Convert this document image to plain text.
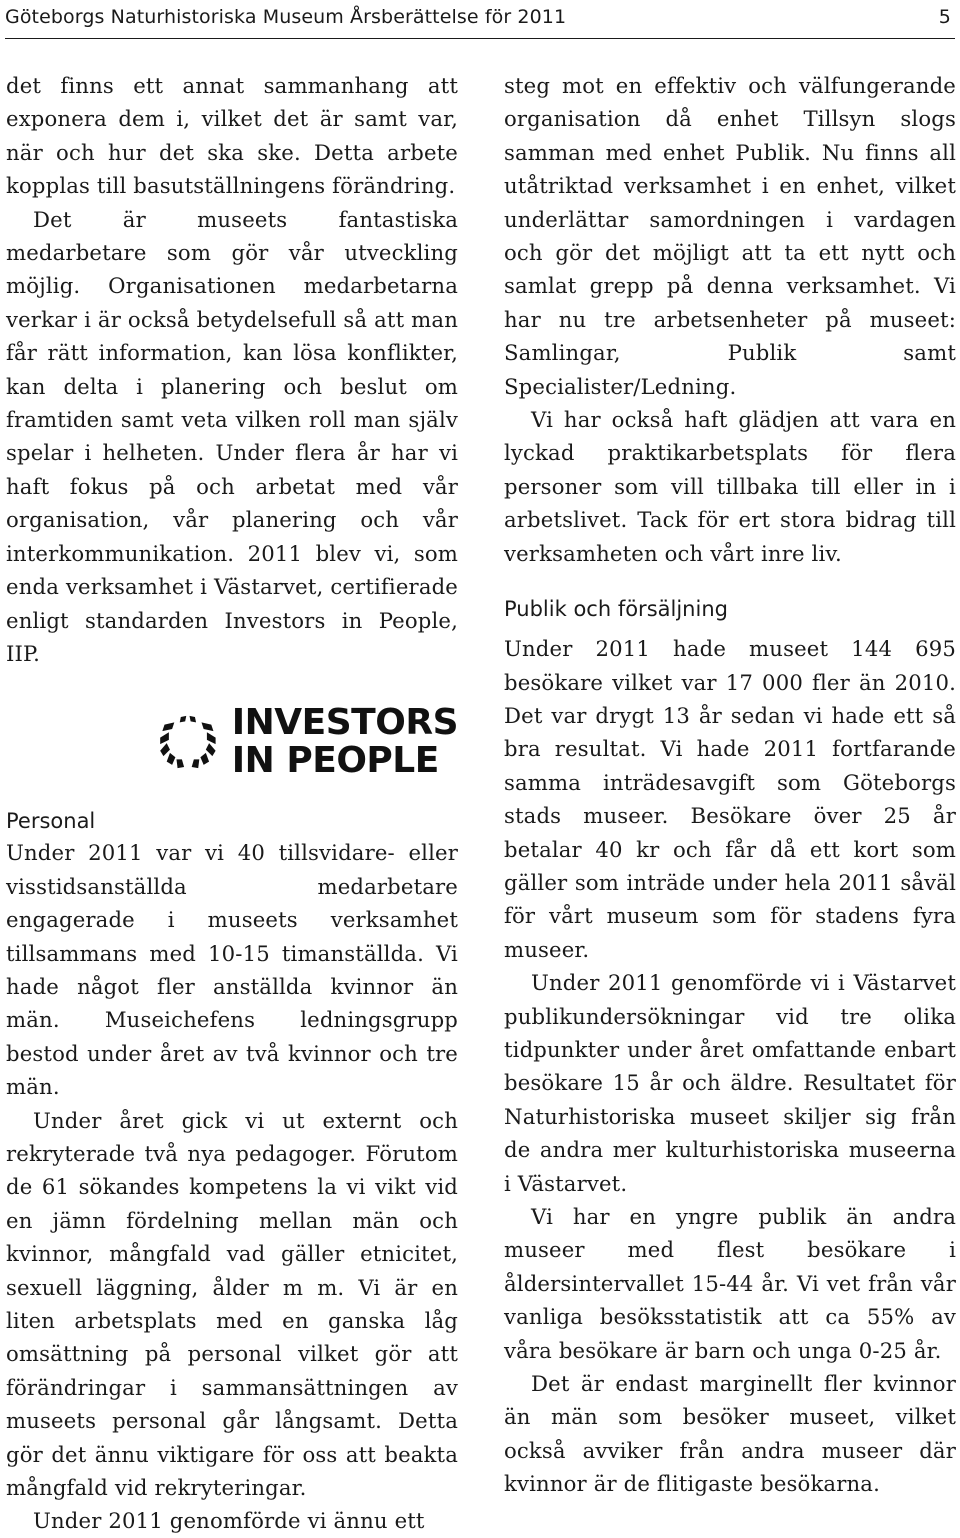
Göteborgs Naturhistoriska Museum Årsberättelse för 2011	5

det finns ett annat sammanhang att exponera dem i, vilket det är samt var, när och hur det ska ske. Detta arbete kopplas till basutställningens förändring.

Det är museets fantastiska medarbetare som gör vår utveckling möjlig. Organisationen medarbetarna verkar i är också betydelsefull så att man får rätt information, kan lösa konflikter, kan delta i planering och beslut om framtiden samt veta vilken roll man själv spelar i helheten. Under flera år har vi haft fokus på och arbetat med vår organisation, vår planering och vår interkommunikation. 2011 blev vi, som enda verksamhet i Västarvet, certifierade enligt standarden Investors in People, IIP.

INVESTORS
IN PEOPLE
Personal

Under 2011 var vi 40 tillsvidare- eller visstidsanställda medarbetare engagerade i museets verksamhet tillsammans med 10-15 timanställda. Vi hade något fler anställda kvinnor än män. Museichefens ledningsgrupp bestod under året av två kvinnor och tre män.

Under året gick vi ut externt och rekryterade två nya pedagoger. Förutom de 61 sökandes kompetens la vi vikt vid en jämn fördelning mellan män och kvinnor, mångfald vad gäller etnicitet, sexuell läggning, ålder m m. Vi är en liten arbetsplats med en ganska låg omsättning på personal vilket gör att förändringar i sammansättningen av museets personal går långsamt. Detta gör det ännu viktigare för oss att beakta mångfald vid rekryteringar.

Under 2011 genomförde vi ännu ett

steg mot en effektiv och välfungerande organisation då enhet Tillsyn slogs samman med enhet Publik. Nu finns all utåtriktad verksamhet i en enhet, vilket underlättar samordningen i vardagen och gör det möjligt att ta ett nytt och samlat grepp på denna verksamhet. Vi har nu tre arbetsenheter på museet: Samlingar, Publik samt Specialister/Ledning.

Vi har också haft glädjen att vara en lyckad praktikarbetsplats för flera personer som vill tillbaka till eller in i arbetslivet. Tack för ert stora bidrag till verksamheten och vårt inre liv.

Publik och försäljning

Under 2011 hade museet 144 695 besökare vilket var 17 000 fler än 2010. Det var drygt 13 år sedan vi hade ett så bra resultat. Vi hade 2011 fortfarande samma inträdesavgift som Göteborgs stads museer. Besökare över 25 år betalar 40 kr och får då ett kort som gäller som inträde under hela 2011 såväl för vårt museum som för stadens fyra museer.

Under 2011 genomförde vi i Västarvet publikundersökningar vid tre olika tidpunkter under året omfattande enbart besökare 15 år och äldre. Resultatet för Naturhistoriska museet skiljer sig från de andra mer kulturhistoriska museerna i Västarvet.

Vi har en yngre publik än andra museer med flest besökare i åldersintervallet 15-44 år. Vi vet från vår vanliga besöksstatistik att ca 55% av våra besökare är barn och unga 0-25 år.

Det är endast marginellt fler kvinnor än män som besöker museet, vilket också avviker från andra museer där kvinnor är de flitigaste besökarna.
